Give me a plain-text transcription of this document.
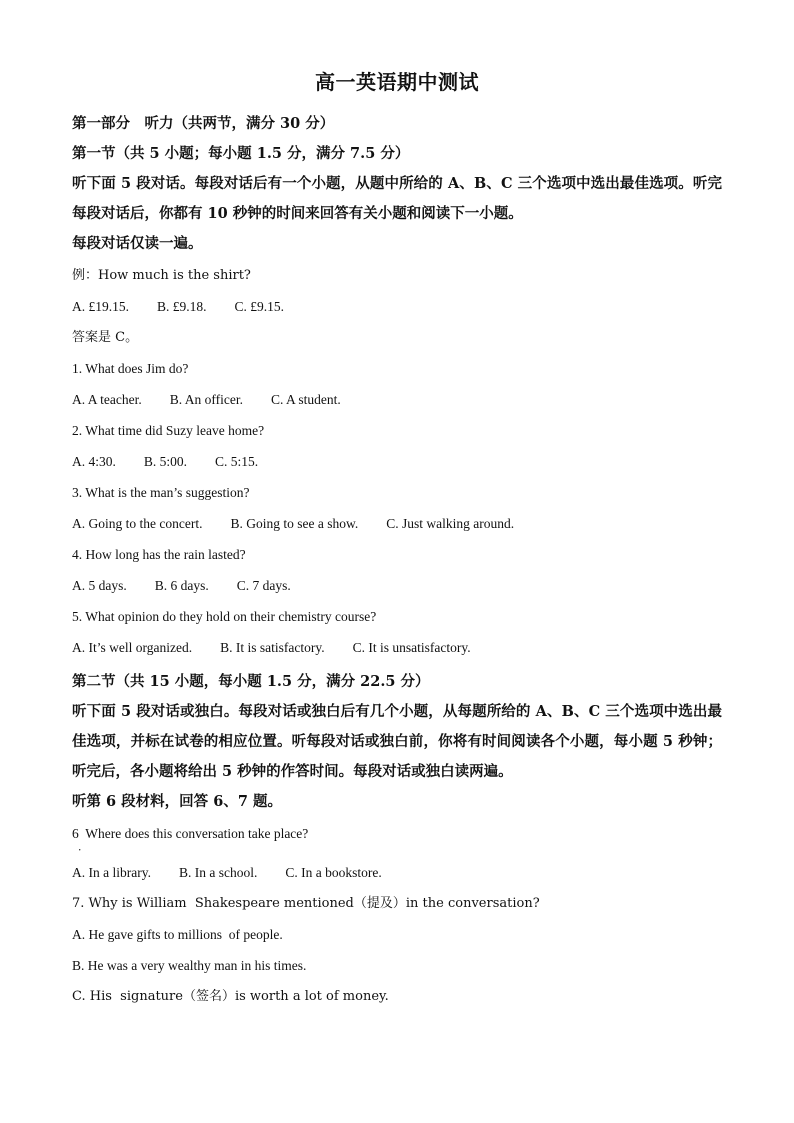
高一英语期中测试

第一部分　听力（共两节，满分 30 分）

第一节（共 5 小题；每小题 1.5 分，满分 7.5 分）

听下面 5 段对话。每段对话后有一个小题，从题中所给的 A、B、C 三个选项中选出最佳选项。听完每段对话后，你都有 10 秒钟的时间来回答有关小题和阅读下一小题。

每段对话仅读一遍。

例：How much is the shirt?

A. £19.15. B. £9.18. C. £9.15.

答案是 C。

1. What does Jim do?

A. A teacher. B. An officer. C. A student.

2. What time did Suzy leave home?

A. 4:30. B. 5:00. C. 5:15.

3. What is the man’s suggestion?

A. Going to the concert. B. Going to see a show. C. Just walking around.

4. How long has the rain lasted?

A. 5 days. B. 6 days. C. 7 days.

5. What opinion do they hold on their chemistry course?

A. It’s well organized. B. It is satisfactory. C. It is unsatisfactory.

第二节（共 15 小题，每小题 1.5 分，满分 22.5 分）

听下面 5 段对话或独白。每段对话或独白后有几个小题，从每题所给的 A、B、C 三个选项中选出最佳选项，并标在试卷的相应位置。听每段对话或独白前，你将有时间阅读各个小题，每小题 5 秒钟；听完后，各小题将给出 5 秒钟的作答时间。每段对话或独白读两遍。

听第 6 段材料，回答 6、7 题。

6  Where does this conversation take place?

．

A. In a library. B. In a school. C. In a bookstore.

7. Why is William  Shakespeare mentioned（提及）in the conversation?

A. He gave gifts to millions  of people.

B. He was a very wealthy man in his times.

C. His  signature（签名）is worth a lot of money.
